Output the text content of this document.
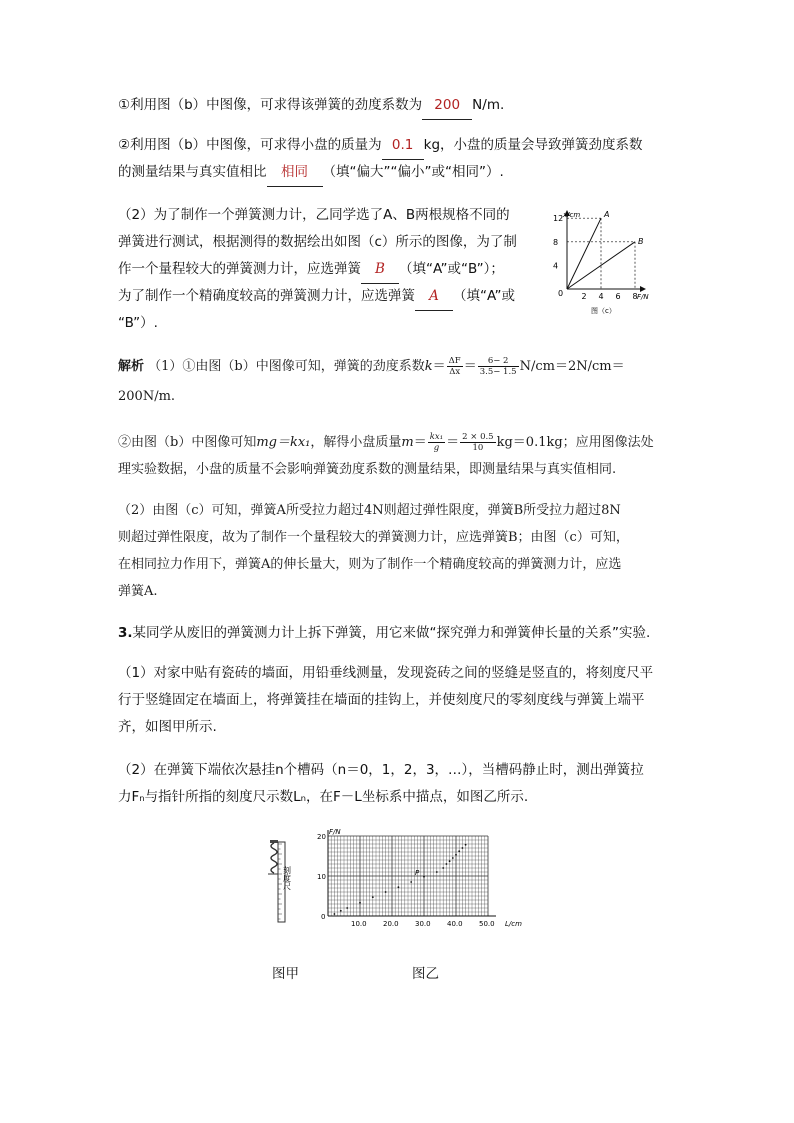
①利用图（b）中图像，可求得该弹簧的劲度系数为 200 N/m.
②利用图（b）中图像，可求得小盘的质量为 0.1 kg，小盘的质量会导致弹簧劲度系数
的测量结果与真实值相比 相同 （填“偏大”“偏小”或“相同”）.
（2）为了制作一个弹簧测力计，乙同学选了A、B两根规格不同的
弹簧进行测试，根据测得的数据绘出如图（c）所示的图像，为了制
作一个量程较大的弹簧测力计，应选弹簧 B （填“A”或“B”）；
为了制作一个精确度较高的弹簧测力计，应选弹簧 A （填“A”或
“B”）.
x/cm
F/N
0
4
8
12
2 4 6 8
A
B
图（c）
解析 （1）①由图（b）中图像可知，弹簧的劲度系数$k= \frac{\Delta F}{\Delta x} = \frac{6- 2}{3.5- 1.5} N/cm=2N/cm=$
200N/m.
②由图（b）中图像可知mg＝kx₁，解得小盘质量$m= \frac{\text{kx₁}}{g} = \frac{2 \times 0.5}{10} kg=0.1kg$；应用图像法处
理实验数据，小盘的质量不会影响弹簧劲度系数的测量结果，即测量结果与真实值相同.
（2）由图（c）可知，弹簧A所受拉力超过4N则超过弹性限度，弹簧B所受拉力超过8N
则超过弹性限度，故为了制作一个量程较大的弹簧测力计，应选弹簧B；由图（c）可知，
在相同拉力作用下，弹簧A的伸长量大，则为了制作一个精确度较高的弹簧测力计，应选
弹簧A.
3.某同学从废旧的弹簧测力计上拆下弹簧，用它来做“探究弹力和弹簧伸长量的关系”实验.
（1）对家中贴有瓷砖的墙面，用铅垂线测量，发现瓷砖之间的竖缝是竖直的，将刻度尺平
行于竖缝固定在墙面上，将弹簧挂在墙面的挂钩上，并使刻度尺的零刻度线与弹簧上端平
齐，如图甲所示.
（2）在弹簧下端依次悬挂n个槽码（n＝0，1，2，3，…），当槽码静止时，测出弹簧拉
力Fₙ与指针所指的刻度尺示数Lₙ，在F－L坐标系中描点，如图乙所示.
刻度尺
F/N
10
20
0
10.0 20.0 30.0 40.0 50.0 L/cm
P
图甲	图乙
